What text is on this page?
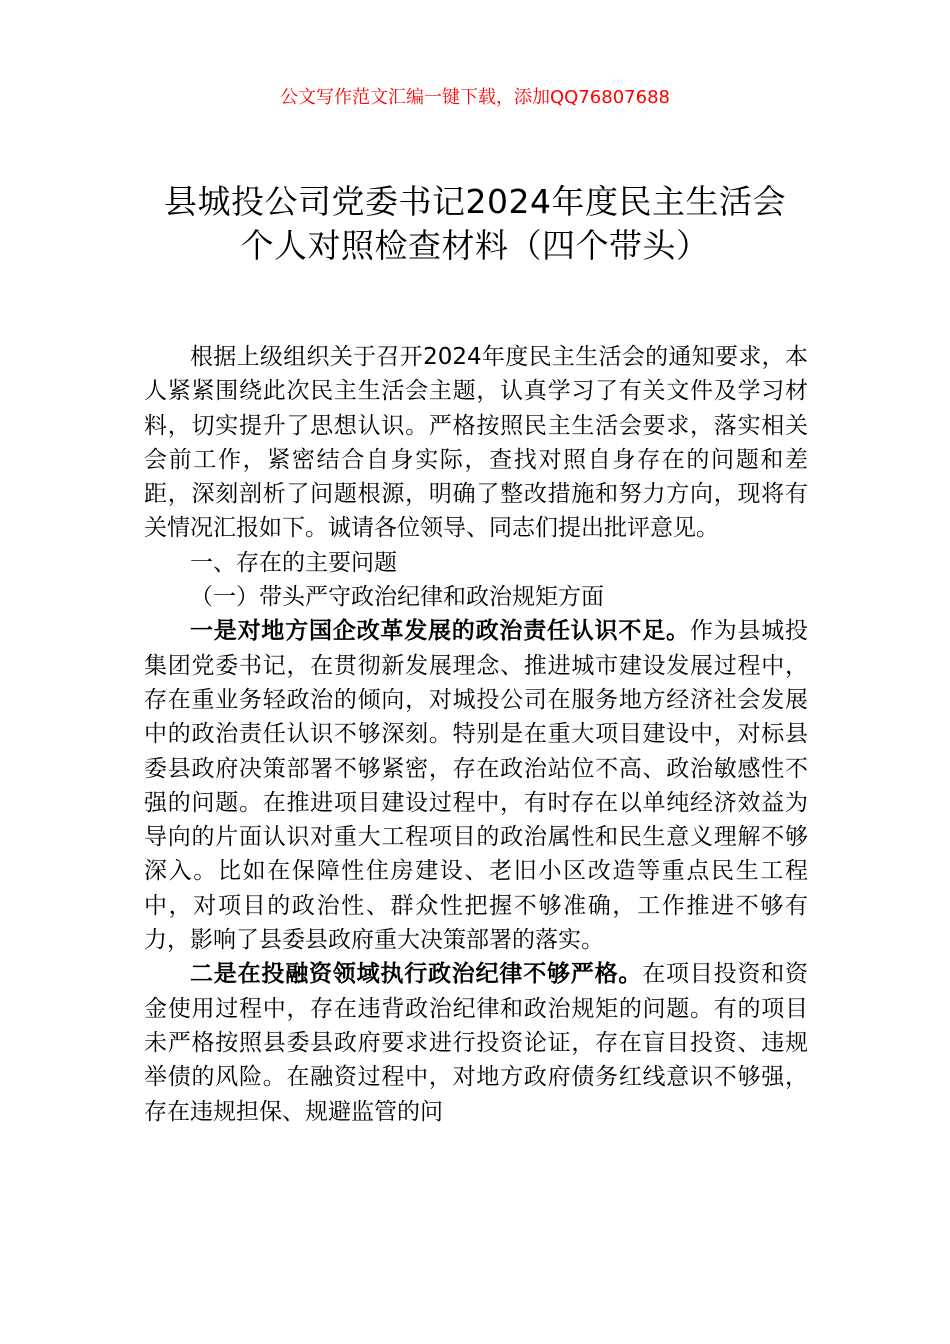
公文写作范文汇编一键下载，添加QQ76807688
县城投公司党委书记2024年度民主生活会
个人对照检查材料（四个带头）

根据上级组织关于召开2024年度民主生活会的通知要求，本人紧紧围绕此次民主生活会主题，认真学习了有关文件及学习材料，切实提升了思想认识。严格按照民主生活会要求，落实相关会前工作，紧密结合自身实际，查找对照自身存在的问题和差距，深刻剖析了问题根源，明确了整改措施和努力方向，现将有关情况汇报如下。诚请各位领导、同志们提出批评意见。

一、存在的主要问题

（一）带头严守政治纪律和政治规矩方面

一是对地方国企改革发展的政治责任认识不足。作为县城投集团党委书记，在贯彻新发展理念、推进城市建设发展过程中，存在重业务轻政治的倾向，对城投公司在服务地方经济社会发展中的政治责任认识不够深刻。特别是在重大项目建设中，对标县委县政府决策部署不够紧密，存在政治站位不高、政治敏感性不强的问题。在推进项目建设过程中，有时存在以单纯经济效益为导向的片面认识对重大工程项目的政治属性和民生意义理解不够深入。比如在保障性住房建设、老旧小区改造等重点民生工程中，对项目的政治性、群众性把握不够准确，工作推进不够有力，影响了县委县政府重大决策部署的落实。

二是在投融资领域执行政治纪律不够严格。在项目投资和资金使用过程中，存在违背政治纪律和政治规矩的问题。有的项目未严格按照县委县政府要求进行投资论证，存在盲目投资、违规举债的风险。在融资过程中，对地方政府债务红线意识不够强，存在违规担保、规避监管的问
